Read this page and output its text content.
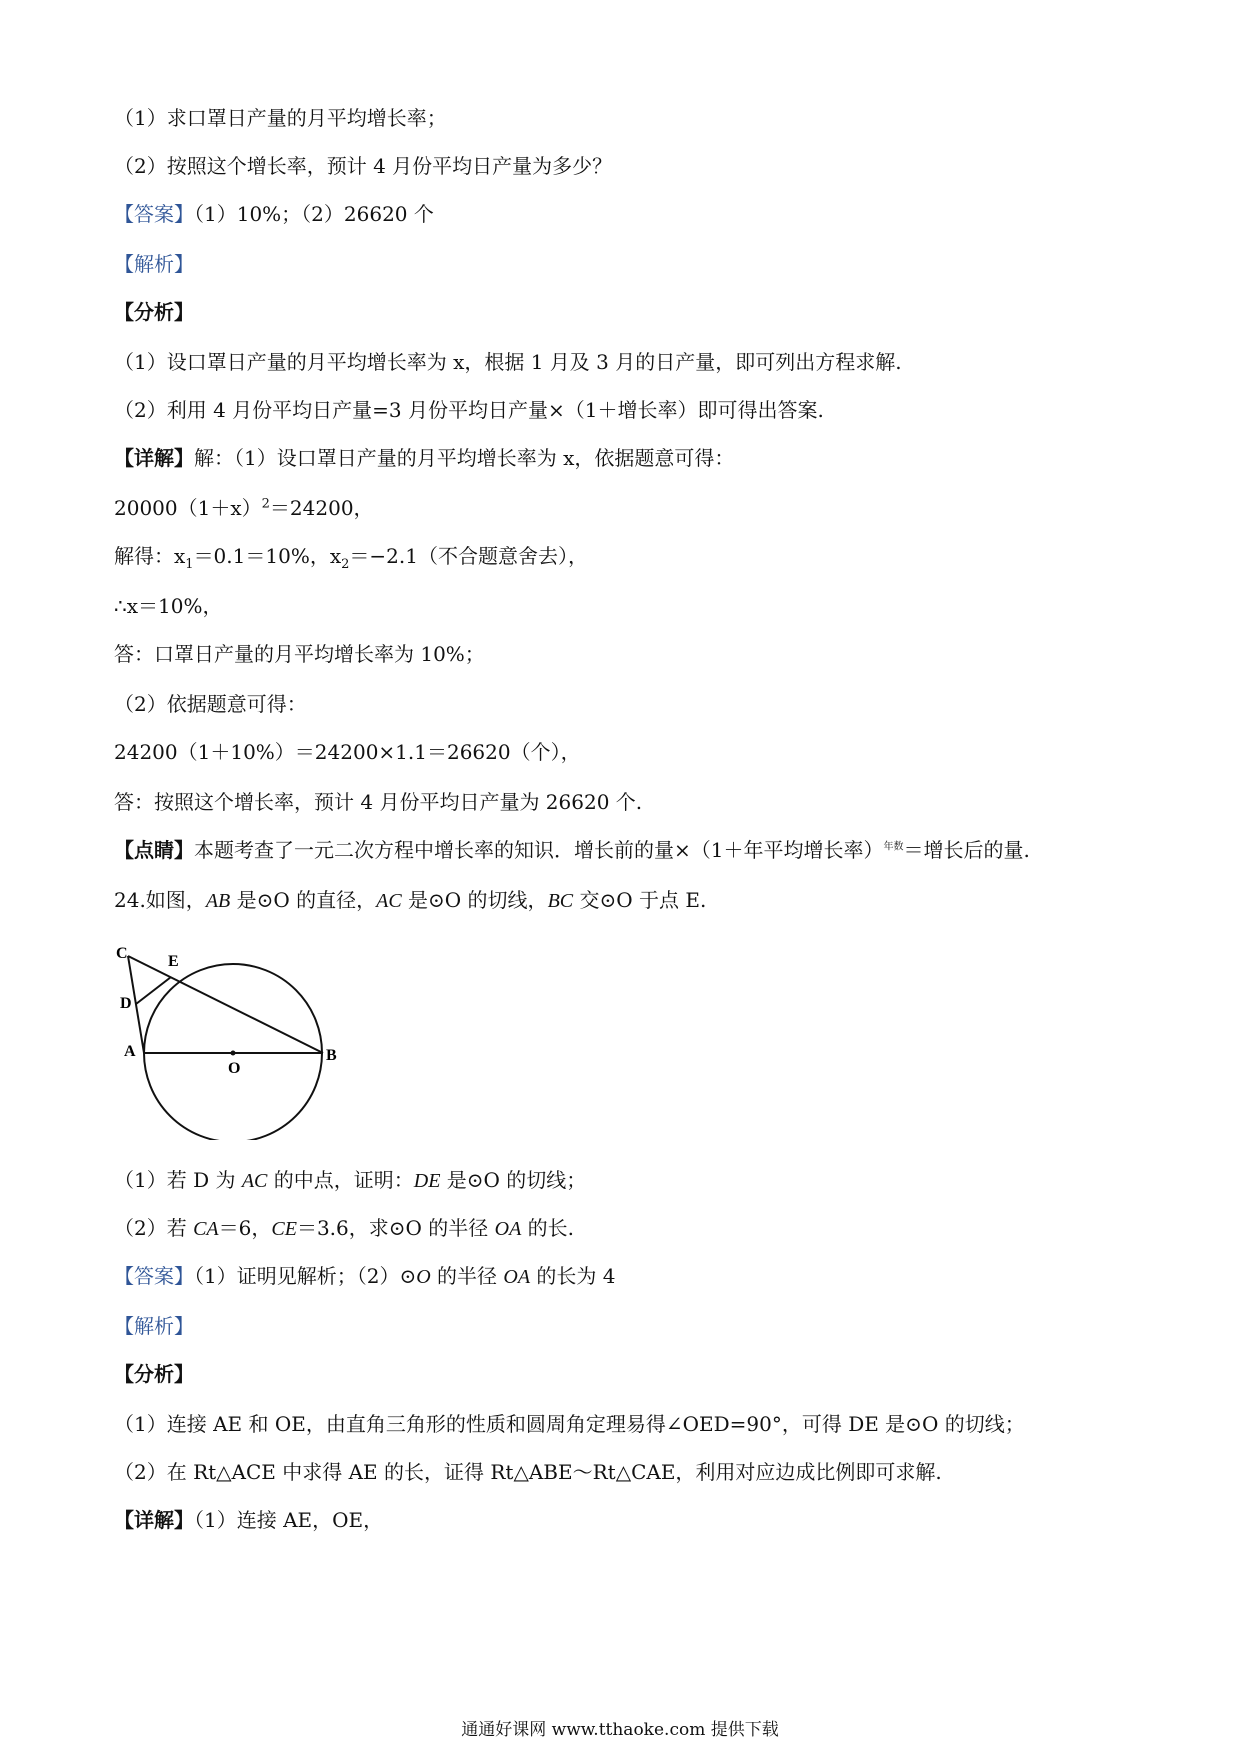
（1）求口罩日产量的月平均增长率；
（2）按照这个增长率，预计 4 月份平均日产量为多少？
【答案】（1）10%；（2）26620 个
【解析】
【分析】
（1）设口罩日产量的月平均增长率为 x，根据 1 月及 3 月的日产量，即可列出方程求解.
（2）利用 4 月份平均日产量=3 月份平均日产量×（1＋增长率）即可得出答案.
【详解】解：（1）设口罩日产量的月平均增长率为 x，依据题意可得：
$20000(1+x)^2=24200$，
解得：$x_1=0.1=10\%$，$x_2=-2.1$（不合题意舍去），
∴x＝10%，
答：口罩日产量的月平均增长率为 10%；
（2）依据题意可得：
24200（1＋10%）＝24200×1.1＝26620（个），
答：按照这个增长率，预计 4 月份平均日产量为 26620 个.
【点睛】本题考查了一元二次方程中增长率的知识．增长前的量×（1＋年平均增长率）$^{年数}$＝增长后的量.
24.如图，AB 是⊙O 的直径，AC 是⊙O 的切线，BC 交⊙O 于点 E.
C	E
D
A
O
B
（1）若 D 为 AC 的中点，证明：DE 是⊙O 的切线；
（2）若 CA＝6，CE＝3.6，求⊙O 的半径 OA 的长.
【答案】（1）证明见解析；（2）⊙O 的半径 OA 的长为 4
【解析】
【分析】
（1）连接 AE 和 OE，由直角三角形的性质和圆周角定理易得∠OED=90°，可得 DE 是⊙O 的切线；
（2）在 Rt△ACE 中求得 AE 的长，证得 Rt△ABE～Rt△CAE，利用对应边成比例即可求解.
【详解】（1）连接 AE，OE，
通通好课网 www.tthaoke.com 提供下载
